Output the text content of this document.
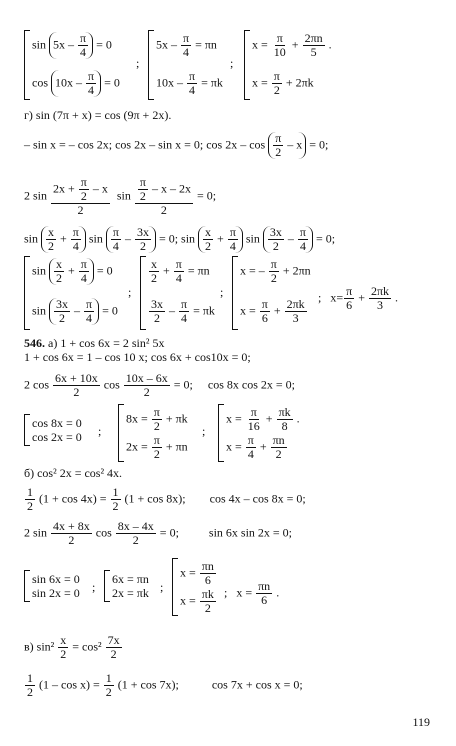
$\sin 5x - \frac{\pi}{4} = 0$
$\cos 10x - \frac{\pi}{4} = 0$
;
$5x - \frac{\pi}{4} = \pi n$
$10x - \frac{\pi}{4} = \pi k$
;
$x = \frac{\pi}{10} + \frac{2\pi n}{5}$ .
$x = \frac{\pi}{2} + 2\pi k$
г) sin (7π + x) = cos (9π + 2x).
– sin x = – cos 2x; cos 2x – sin x = 0; $\cos 2x - \cos \frac{\pi}{2} - x = 0$;
2 $\sin \frac{2x + \frac{\pi}{2} - x}{2}$ $\sin \frac{\frac{\pi}{2} - x - 2x}{2} = 0$;
$\sin \frac{x}{2} + \frac{\pi}{4}$ $\sin \frac{\pi}{4} - \frac{3x}{2} = 0$; $\sin \frac{x}{2} + \frac{\pi}{4}$ $\sin \frac{3x}{2} - \frac{\pi}{4} = 0$;
$\sin \frac{x}{2} + \frac{\pi}{4} = 0$
$\sin \frac{3x}{2} - \frac{\pi}{4} = 0$
;
$\frac{x}{2} + \frac{\pi}{4} = \pi n$
$\frac{3x}{2} - \frac{\pi}{4} = \pi k$
;
x = – $\frac{\pi}{2} + 2\pi n$
$x = \frac{\pi}{6} + \frac{2\pi k}{3}$
;   $x= \frac{\pi}{6} + \frac{2\pi k}{3}$ .
546. а) 1 + cos 6x = 2 sin² 5x
1 + cos 6x = 1 – cos 10 x; cos 6x + cos10x = 0;
2 $\cos \frac{6x + 10x}{2}$ $\cos \frac{10x - 6x}{2} = 0$;     cos 8x cos 2x = 0;
cos 8x = 0
cos 2x = 0 ;
$8x = \frac{\pi}{2} + \pi k$
$2x = \frac{\pi}{2} + \pi n$
;
$x = \frac{\pi}{16} + \frac{\pi k}{8}$ .
$x = \frac{\pi}{4} + \frac{\pi n}{2}$
б) cos² 2x = cos² 4x.
$\frac{1}{2} (1 + \cos 4x) = \frac{1}{2} (1 + \cos 8x)$; cos 4x – cos 8x = 0;
2 $\sin \frac{4x + 8x}{2}$ $\cos \frac{8x - 4x}{2} = 0$;          sin 6x sin 2x = 0;
sin 6x = 0
sin 2x = 0 ;
6x = πn
2x = πk ;
$x = \frac{\pi n}{6}$
$x = \frac{\pi k}{2}$ ;   $x = \frac{\pi n}{6}$ .
в) $\sin^2 \frac{x}{2} = \cos^2 \frac{7x}{2}$
$\frac{1}{2} (1 - \cos x) = \frac{1}{2} (1 + \cos 7x)$;	cos 7x + cos x = 0;
119
